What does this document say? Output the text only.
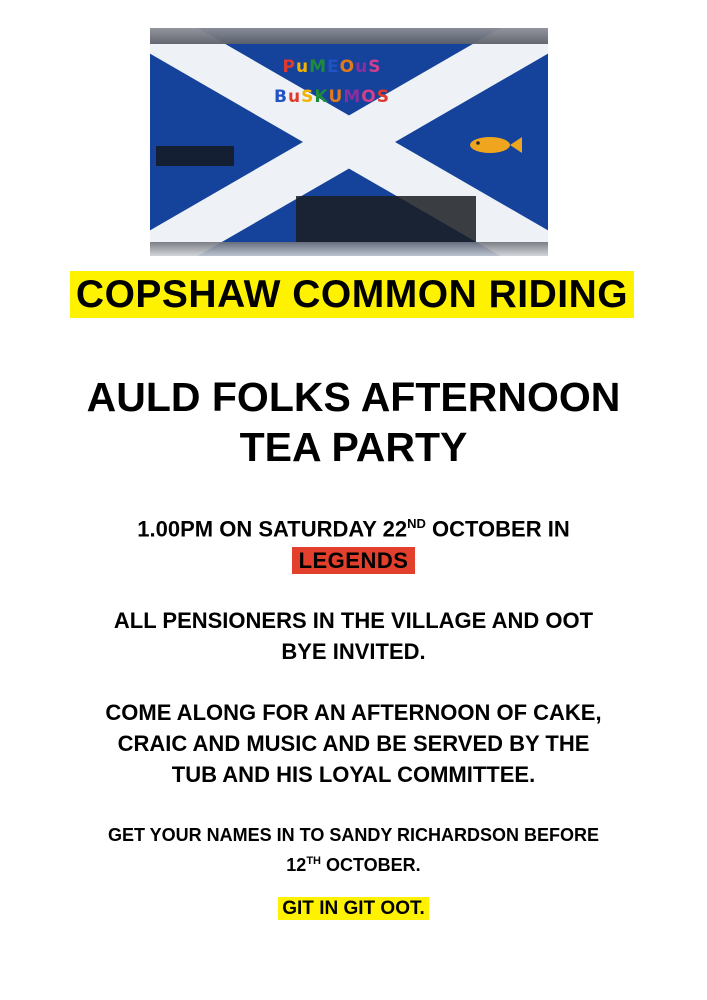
PuMEOuS
BuSKUMOS
COPSHAW COMMON RIDING
AULD FOLKS AFTERNOON
TEA PARTY
1.00PM ON SATURDAY 22ND OCTOBER IN
LEGENDS
ALL PENSIONERS IN THE VILLAGE AND OOT
BYE INVITED.
COME ALONG FOR AN AFTERNOON OF CAKE,
CRAIC AND MUSIC AND BE SERVED BY THE
TUB AND HIS LOYAL COMMITTEE.
GET YOUR NAMES IN TO SANDY RICHARDSON BEFORE
12TH OCTOBER.
GIT IN GIT OOT.
